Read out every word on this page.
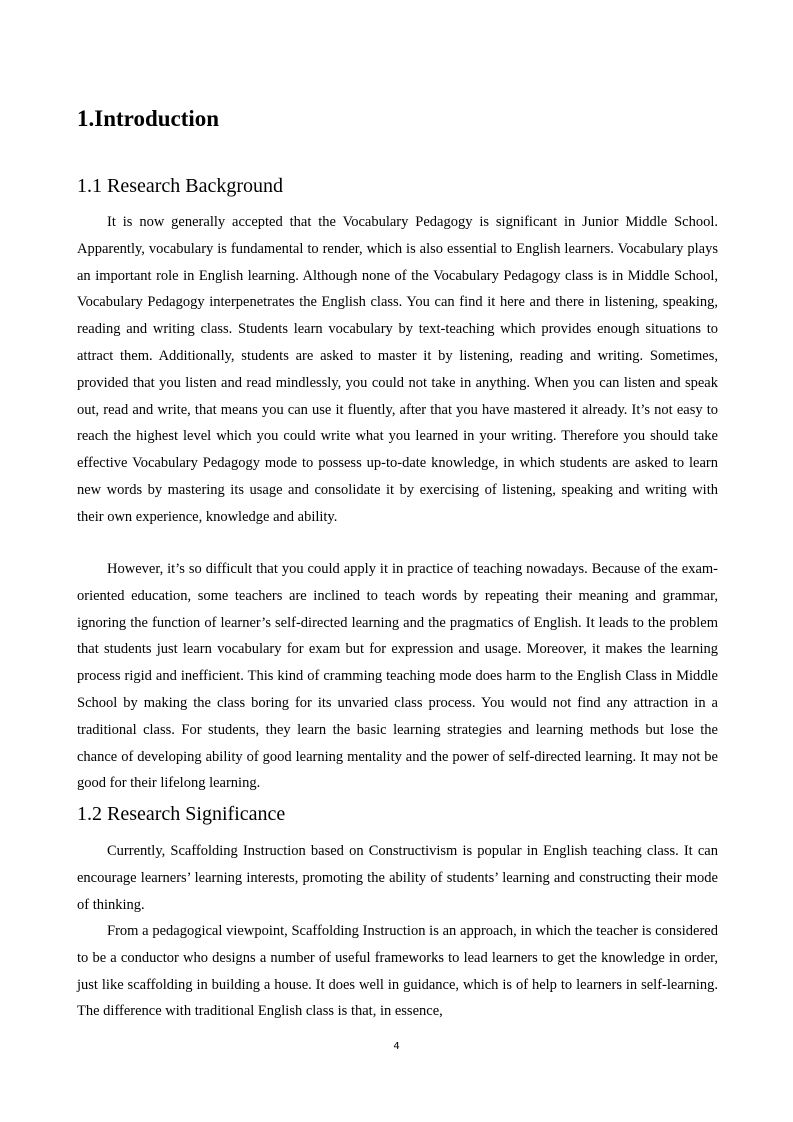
1.Introduction
1.1 Research Background

It is now generally accepted that the Vocabulary Pedagogy is significant in Junior Middle School. Apparently, vocabulary is fundamental to render, which is also essential to English learners. Vocabulary plays an important role in English learning. Although none of the Vocabulary Pedagogy class is in Middle School, Vocabulary Pedagogy interpenetrates the English class. You can find it here and there in listening, speaking, reading and writing class. Students learn vocabulary by text-teaching which provides enough situations to attract them. Additionally, students are asked to master it by listening, reading and writing. Sometimes, provided that you listen and read mindlessly, you could not take in anything. When you can listen and speak out, read and write, that means you can use it fluently, after that you have mastered it already. It’s not easy to reach the highest level which you could write what you learned in your writing. Therefore you should take effective Vocabulary Pedagogy mode to possess up-to-date knowledge, in which students are asked to learn new words by mastering its usage and consolidate it by exercising of listening, speaking and writing with their own experience, knowledge and ability.

However, it’s so difficult that you could apply it in practice of teaching nowadays. Because of the exam-oriented education, some teachers are inclined to teach words by repeating their meaning and grammar, ignoring the function of learner’s self-directed learning and the pragmatics of English. It leads to the problem that students just learn vocabulary for exam but for expression and usage. Moreover, it makes the learning process rigid and inefficient. This kind of cramming teaching mode does harm to the English Class in Middle School by making the class boring for its unvaried class process. You would not find any attraction in a traditional class. For students, they learn the basic learning strategies and learning methods but lose the chance of developing ability of good learning mentality and the power of self-directed learning. It may not be good for their lifelong learning.

1.2 Research Significance

Currently, Scaffolding Instruction based on Constructivism is popular in English teaching class. It can encourage learners’ learning interests, promoting the ability of students’ learning and constructing their mode of thinking.

From a pedagogical viewpoint, Scaffolding Instruction is an approach, in which the teacher is considered to be a conductor who designs a number of useful frameworks to lead learners to get the knowledge in order, just like scaffolding in building a house. It does well in guidance, which is of help to learners in self-learning. The difference with traditional English class is that, in essence,

4
